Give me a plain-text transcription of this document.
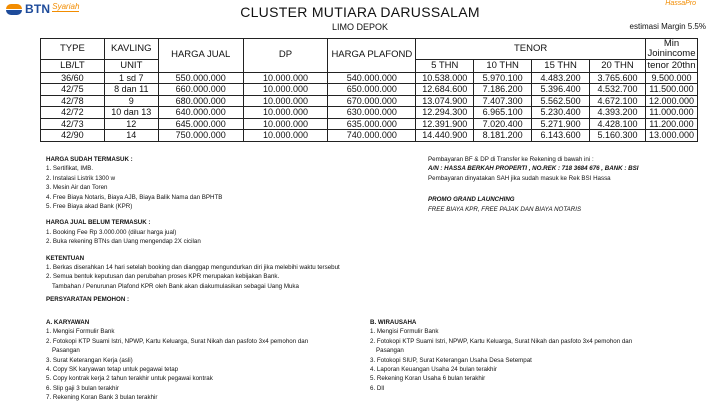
BTN Syariah	HassaPro
CLUSTER MUTIARA DARUSSALAM
LIMO DEPOK	estimasi Margin 5.5%
TYPE	KAVLING	HARGA JUAL	DP	HARGA PLAFOND	TENOR				Min Joinincome
LB/LT	UNIT				5 THN	10 THN	15 THN	20 THN	tenor 20thn
36/60	1 sd 7	550.000.000	10.000.000	540.000.000	10.538.000	5.970.100	4.483.200	3.765.600	9.500.000
42/75	8 dan 11	660.000.000	10.000.000	650.000.000	12.684.600	7.186.200	5.396.400	4.532.700	11.500.000
42/78	9	680.000.000	10.000.000	670.000.000	13.074.900	7.407.300	5.562.500	4.672.100	12.000.000
42/72	10 dan 13	640.000.000	10.000.000	630.000.000	12.294.300	6.965.100	5.230.400	4.393.200	11.000.000
42/73	12	645.000.000	10.000.000	635.000.000	12.391.900	7.020.400	5.271.900	4.428.100	11.200.000
42/90	14	750.000.000	10.000.000	740.000.000	14.440.900	8.181.200	6.143.600	5.160.300	13.000.000
HARGA SUDAH TERMASUK :
1. Sertifikat, IMB.
2. Instalasi Listrik 1300 w
3. Mesin Air dan Toren
4. Free Biaya Notaris, Biaya AJB, Biaya Balik Nama dan BPHTB
5. Free Biaya akad Bank (KPR)
HARGA JUAL BELUM TERMASUK :
1. Booking Fee Rp 3.000.000 (diluar harga jual)
2. Buka rekening BTNs dan Uang mengendap 2X cicilan
KETENTUAN
1. Berkas diserahkan 14 hari setelah booking dan dianggap mengundurkan diri jika melebihi waktu tersebut
2. Semua bentuk keputusan dan perubahan proses KPR merupakan kebijakan Bank.
Tambahan / Penurunan Plafond KPR oleh Bank akan diakumulasikan sebagai Uang Muka
PERSYARATAN PEMOHON :
Pembayaran BF & DP di Transfer ke Rekening di bawah ini :
A/N : HASSA BERKAH PROPERTI , NO.REK : 718 3684 676 , BANK : BSI
Pembayaran dinyatakan SAH jika sudah masuk ke Rek BSI Hassa
PROMO GRAND LAUNCHING
FREE BIAYA KPR, FREE PAJAK DAN BIAYA NOTARIS
A. KARYAWAN
1. Mengisi Formulir Bank
2. Fotokopi KTP Suami Istri, NPWP, Kartu Keluarga, Surat Nikah dan pasfoto 3x4 pemohon dan
Pasangan
3. Surat Keterangan Kerja (asli)
4. Copy SK karyawan tetap untuk pegawai tetap
5. Copy kontrak kerja 2 tahun terakhir untuk pegawai kontrak
6. Slip gaji 3 bulan terakhir
7. Rekening Koran Bank 3 bulan terakhir
B. WIRAUSAHA
1. Mengisi Formulir Bank
2. Fotokopi KTP Suami Istri, NPWP, Kartu Keluarga, Surat Nikah dan pasfoto 3x4 pemohon dan
Pasangan
3. Fotokopi SIUP, Surat Keterangan Usaha Desa Setempat
4. Laporan Keuangan Usaha 24 bulan terakhir
5. Rekening Koran Usaha 6 bulan terakhir
6. Dll
